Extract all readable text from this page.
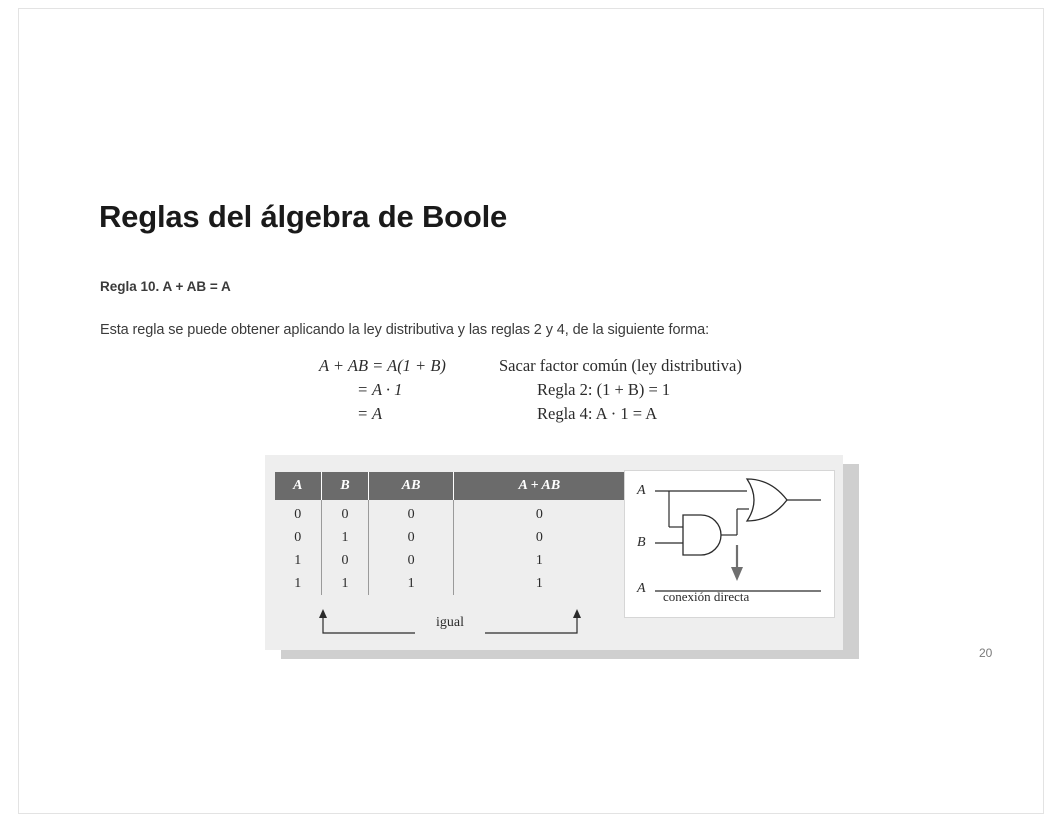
Reglas del álgebra de Boole
Regla 10. A + AB = A
Esta regla se puede obtener aplicando la ley distributiva y las reglas 2 y 4, de la siguiente forma:
A + AB = A(1 + B)	Sacar factor común (ley distributiva)
= A · 1	Regla 2: (1 + B) = 1
= A	Regla 4: A · 1 = A
A	B	AB	A + AB
0	0	0	0
0	1	0	0
1	0	0	1
1	1	1	1
igual
A
B
A
conexión directa
20
